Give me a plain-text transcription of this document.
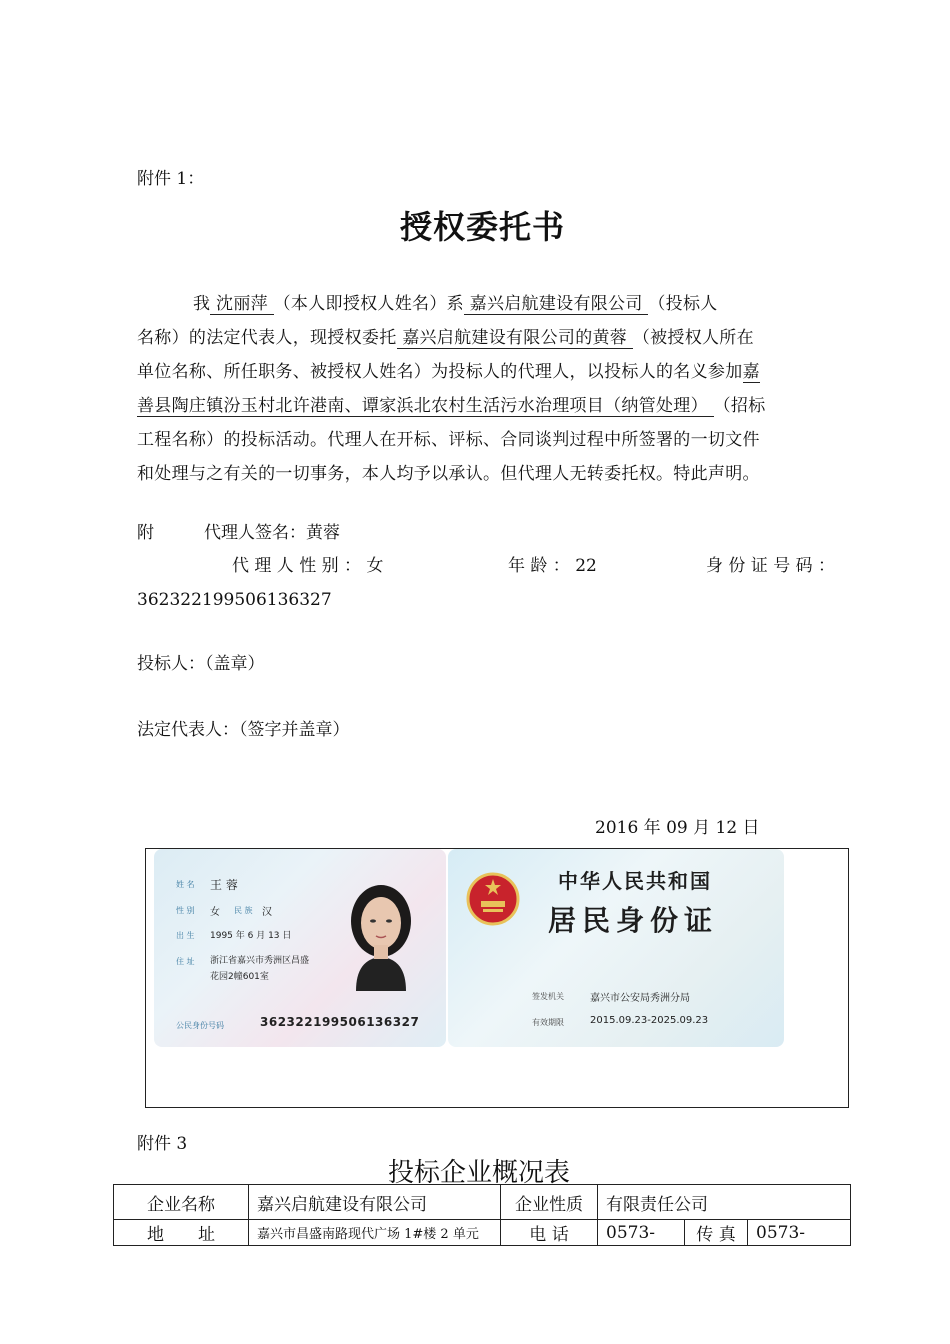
附件 1：
授权委托书
我 沈丽萍 （本人即授权人姓名）系 嘉兴启航建设有限公司 （投标人
名称）的法定代表人，现授权委托 嘉兴启航建设有限公司的黄蓉 （被授权人所在
单位名称、所任职务、被授权人姓名）为投标人的代理人，以投标人的名义参加嘉
善县陶庄镇汾玉村北许港南、谭家浜北农村生活污水治理项目（纳管处理） （招标
工程名称）的投标活动。代理人在开标、评标、合同谈判过程中所签署的一切文件
和处理与之有关的一切事务，本人均予以承认。但代理人无转委托权。特此声明。
附	代理人签名：黄蓉
代 理 人 性 别 ： 女	年 龄 ： 22	身 份 证 号 码 ：
362322199506136327
投标人：（盖章）
法定代表人：（签字并盖章）
2016 年 09 月 12 日
姓 名 王 蓉
性 别 女 民 族 汉
出 生 1995 年 6 月 13 日
住 址 浙江省嘉兴市秀洲区昌盛
花园2幢601室
公民身份号码	362322199506136327
中华人民共和国
居民身份证
签发机关	嘉兴市公安局秀洲分局
有效期限	2015.09.23-2025.09.23
附件 3
投标企业概况表
企业名称	嘉兴启航建设有限公司	企业性质	有限责任公司		
地　　址	嘉兴市昌盛南路现代广场 1#楼 2 单元	电 话	0573-	传 真	0573-
